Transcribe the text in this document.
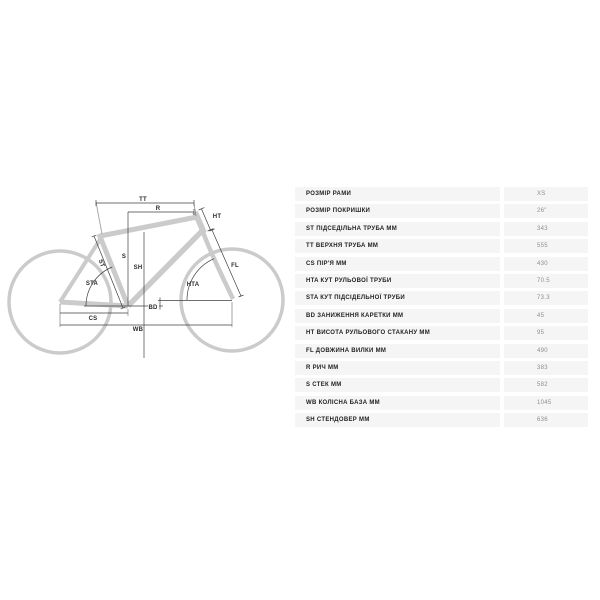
TT
R
HT
S
SH
ST
STA	HTA
FL
BD
CS
WB
РОЗМІР РАМИ	XS
РОЗМІР ПОКРИШКИ	26"
ST ПІДСЕДІЛЬНА ТРУБА ММ	343
TT ВЕРХНЯ ТРУБА ММ	555
CS ПІР'Я ММ	430
HTA КУТ РУЛЬОВОЇ ТРУБИ	70.5
STA КУТ ПІДСІДЕЛЬНОЇ ТРУБИ	73.3
BD ЗАНИЖЕННЯ КАРЕТКИ ММ	45
HT ВИСОТА РУЛЬОВОГО СТАКАНУ ММ	95
FL ДОВЖИНА ВИЛКИ ММ	490
R РИЧ ММ	383
S СТЕК ММ	582
WB КОЛІСНА БАЗА ММ	1045
SH СТЕНДОВЕР ММ	636
